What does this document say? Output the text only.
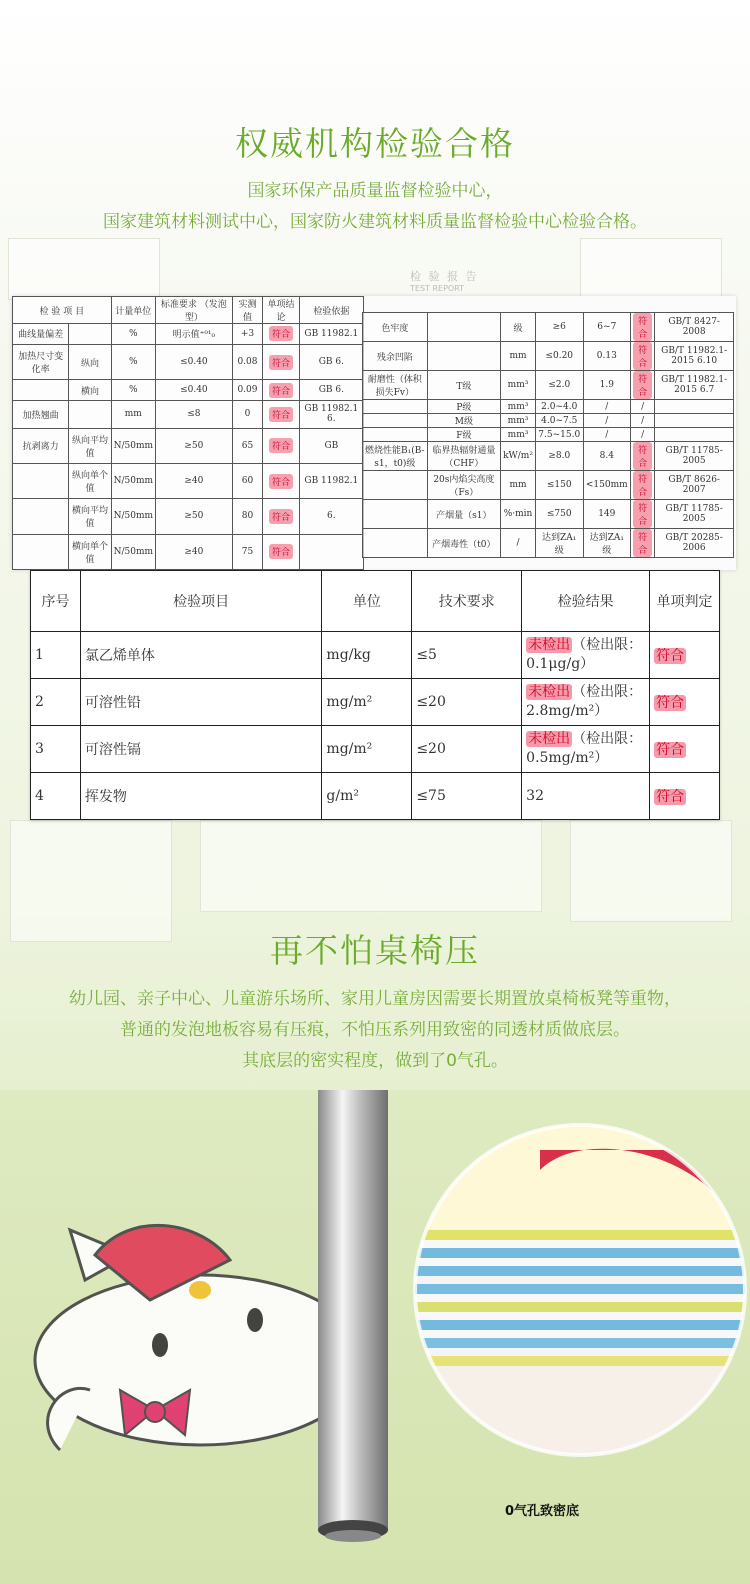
权威机构检验合格
国家环保产品质量监督检验中心，
国家建筑材料测试中心，国家防火建筑材料质量监督检验中心检验合格。
检 验 报 告
TEST REPORT
检 验 项 目		计量单位	标准要求 （发泡型）	实测值	单项结论	检验依据
曲线量偏差		%	明示值⁺⁰¹₀	+3	符合	GB 11982.1
加热尺寸变化率	纵向	%	≤0.40	0.08	符合	GB 6.
	横向	%	≤0.40	0.09	符合	GB 6.
加热翘曲		mm	≤8	0	符合	GB 11982.1 6.
抗剥离力	纵向平均值	N/50mm	≥50	65	符合	GB
	纵向单个值	N/50mm	≥40	60	符合	GB 11982.1
	横向平均值	N/50mm	≥50	80	符合	6.
	横向单个值	N/50mm	≥40	75	符合	
色牢度		级	≥6	6~7	符合	GB/T 8427-2008
残余凹陷		mm	≤0.20	0.13	符合	GB/T 11982.1-2015 6.10
耐磨性（体积损失Fv）	T级	mm³	≤2.0	1.9	符合	GB/T 11982.1-2015 6.7
	P级	mm³	2.0~4.0	/	/	
	M级	mm³	4.0~7.5	/	/	
	F级	mm³	7.5~15.0	/	/	
燃烧性能B₁(B-s1，t0)级	临界热辐射通量（CHF）	kW/m²	≥8.0	8.4	符合	GB/T 11785-2005
	20s内焰尖高度（Fs）	mm	≤150	<150mm	符合	GB/T 8626-2007
	产烟量（s1）	%·min	≤750	149	符合	GB/T 11785-2005
	产烟毒性（t0）	/	达到ZA₁级	达到ZA₁级	符合	GB/T 20285-2006
序号	检验项目	单位	技术要求	检验结果	单项判定
1	氯乙烯单体	mg/kg	≤5	未检出 （检出限：
0.1μg/g）	符合
2	可溶性铅	mg/m²	≤20	未检出 （检出限：
2.8mg/m²）	符合
3	可溶性镉	mg/m²	≤20	未检出 （检出限：
0.5mg/m²）	符合
4	挥发物	g/m²	≤75	32	符合
再不怕桌椅压
幼儿园、亲子中心、儿童游乐场所、家用儿童房因需要长期置放桌椅板凳等重物，
普通的发泡地板容易有压痕，不怕压系列用致密的同透材质做底层。
其底层的密实程度，做到了0气孔。
0气孔致密底
